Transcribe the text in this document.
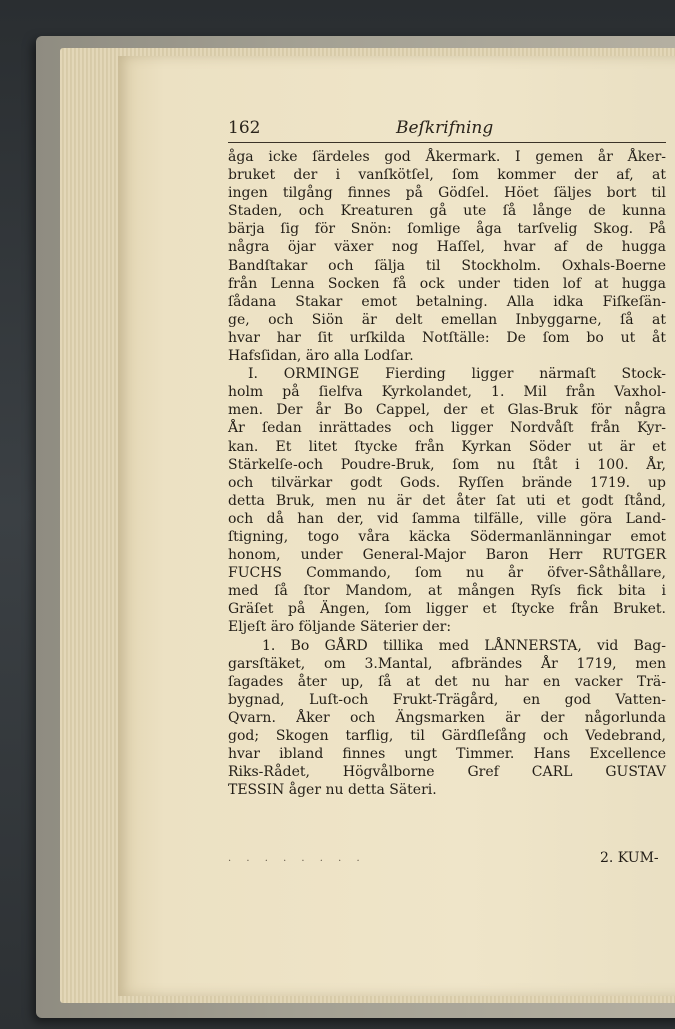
162	Beſkrifning
åga icke ſärdeles god Åkermark. I gemen år Åker-
bruket der i vanſkötſel, ſom kommer der af, at
ingen tilgång finnes på Gödſel. Höet ſäljes bort til
Staden, och Kreaturen gå ute ſå långe de kunna
bärja ſig för Snön: ſomlige åga tarſvelig Skog. På
några öjar växer nog Haſſel, hvar af de hugga
Bandſtakar och ſälja til Stockholm. Oxhals-Boerne
från Lenna Socken få ock under tiden lof at hugga
ſådana Stakar emot betalning. Alla idka Fiſkeſän-
ge, och Siön är delt emellan Inbyggarne, ſå at
hvar har ſit urſkilda Notſtälle: De ſom bo ut åt
Hafsſidan, äro alla Lodſar.
I. ORMINGE Fierding ligger närmaſt Stock-
holm på ſielfva Kyrkolandet, 1. Mil från Vaxhol-
men. Der år Bo Cappel, der et Glas-Bruk för några
År ſedan inrättades och ligger Nordvåſt från Kyr-
kan. Et litet ſtycke från Kyrkan Söder ut är et
Stärkelſe-och Poudre-Bruk, ſom nu ſtåt i 100. År,
och tilvärkar godt Gods. Ryſſen brände 1719. up
detta Bruk, men nu är det åter ſat uti et godt ſtånd,
och då han der, vid ſamma tilfälle, ville göra Land-
ſtigning, togo våra käcka Södermanlänningar emot
honom, under General-Major Baron Herr RUTGER
FUCHS Commando, ſom nu år öfver-Såthållare,
med ſå ſtor Mandom, at mången Ryſs fick bita i
Gräſet på Ängen, ſom ligger et ſtycke från Bruket.
Eljeſt äro följande Säterier der:
1. Bo GÅRD tillika med LÅNNERSTA, vid Bag-
garsſtäket, om 3.Mantal, afbrändes År 1719, men
ſagades åter up, ſå at det nu har en vacker Trä-
bygnad, Luſt-och Frukt-Trägård, en god Vatten-
Qvarn. Åker och Ängsmarken är der någorlunda
god; Skogen tarflig, til Gärdſleſång och Vedebrand,
hvar ibland finnes ungt Timmer. Hans Excellence
Riks-Rådet, Högvålborne Gref CARL GUSTAV
TESSIN åger nu detta Säteri.
· · · · · · · ·	2. KUM-
